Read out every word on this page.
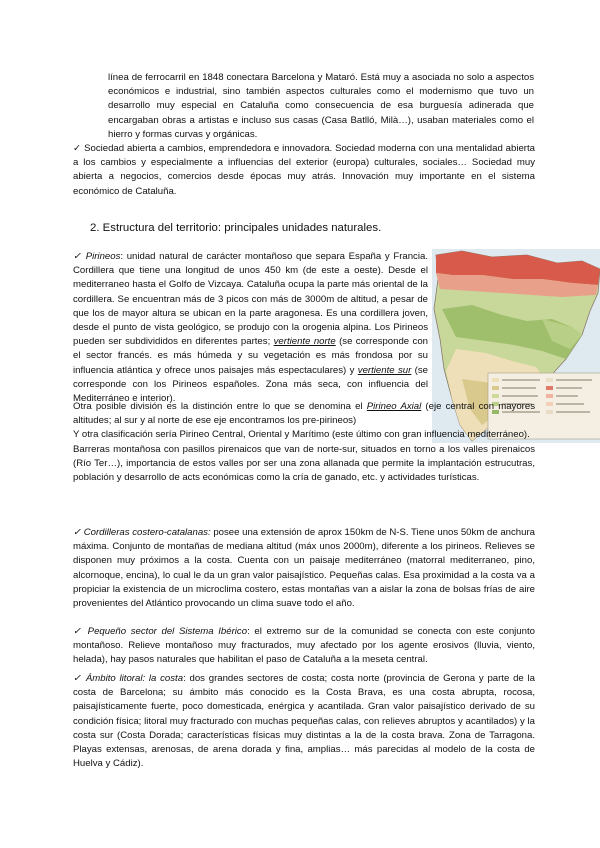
línea de ferrocarril en 1848 conectara Barcelona y Mataró. Está muy a asociada no solo a aspectos económicos e industrial, sino también aspectos culturales como el modernismo que tuvo un desarrollo muy especial en Cataluña como consecuencia de esa burguesía adinerada que encargaban obras a artistas e incluso sus casas (Casa Batlló, Milà…), usaban materiales como el hierro y formas curvas y orgánicas.

✓ Sociedad abierta a cambios, emprendedora e innovadora. Sociedad moderna con una mentalidad abierta a los cambios y especialmente a influencias del exterior (europa) culturales, sociales… Sociedad muy abierta a negocios, comercios desde épocas muy atrás. Innovación muy importante en el sistema económico de Cataluña.

2. Estructura del territorio: principales unidades naturales.

✓ Pirineos: unidad natural de carácter montañoso que separa España y Francia. Cordillera que tiene una longitud de unos 450 km (de este a oeste). Desde el mediterraneo hasta el Golfo de Vizcaya. Cataluña ocupa la parte más oriental de la cordillera. Se encuentran más de 3 picos con más de 3000m de altitud, a pesar de que los de mayor altura se ubican en la parte aragonesa. Es una cordillera joven, desde el punto de vista geológico, se produjo con la orogenia alpina. Los Pirineos pueden ser subdivididos en diferentes partes; vertiente norte (se corresponde con el sector francés. es más húmeda y su vegetación es más frondosa por su influencia atlántica y ofrece unos paisajes más espectaculares) y vertiente sur (se corresponde con los Pirineos españoles. Zona más seca, con influencia del Mediterráneo e interior).

Otra posible división es la distinción entre lo que se denomina el Pirineo Axial (eje central con mayores altitudes; al sur y al norte de ese eje encontramos los pre-pirineos)
Y otra clasificación sería Pirineo Central, Oriental y Marítimo (este último con gran influencia mediterráneo).
Barreras montañosa con pasillos pirenaicos que van de norte-sur, situados en torno a los valles pirenaicos (Río Ter…), importancia de estos valles por ser una zona allanada que permite la implantación estrucutras, población y desarrollo de acts económicas como la cría de ganado, etc. y actividades turísticas.

✓ Cordilleras costero-catalanas: posee una extensión de aprox 150km de N-S. Tiene unos 50km de anchura máxima. Conjunto de montañas de mediana altitud (máx unos 2000m), diferente a los pirineos. Relieves se disponen muy próximos a la costa. Cuenta con un paisaje mediterráneo (matorral mediterraneo, pino, alcornoque, encina), lo cual le da un gran valor paisajístico. Pequeñas calas. Esa proximidad a la costa va a propiciar la existencia de un microclima costero, estas montañas van a aislar la zona de bolsas frías de aire provenientes del Atlántico provocando un clima suave todo el año.

✓ Pequeño sector del Sistema Ibérico: el extremo sur de la comunidad se conecta con este conjunto montañoso. Relieve montañoso muy fracturados, muy afectado por los agente erosivos (lluvia, viento, helada), hay pasos naturales que habilitan el paso de Cataluña a la meseta central.

✓ Ámbito litoral: la costa: dos grandes sectores de costa; costa norte (provincia de Gerona y parte de la costa de Barcelona; su ámbito más conocido es la Costa Brava, es una costa abrupta, rocosa, paisajísticamente fuerte, poco domesticada, enérgica y acantilada. Gran valor paisajístico derivado de su condición física; litoral muy fracturado con muchas pequeñas calas, con relieves abruptos y acantilados) y la costa sur (Costa Dorada; características físicas muy distintas a la de la costa brava. Zona de Tarragona. Playas extensas, arenosas, de arena dorada y fina, amplias… más parecidas al modelo de la costa de Huelva y Cádiz).
